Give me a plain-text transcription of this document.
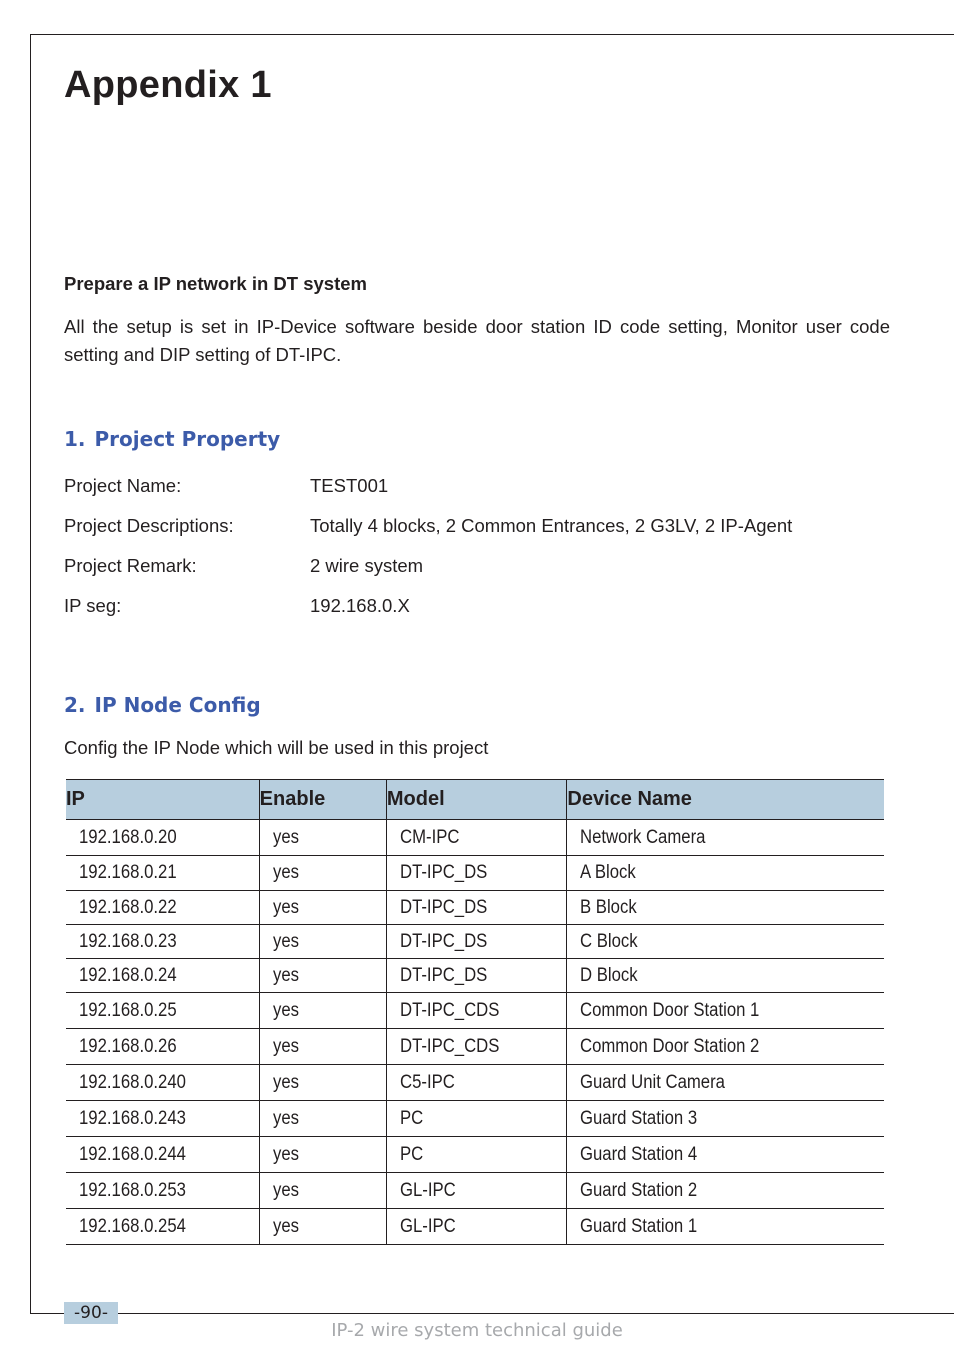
Appendix 1

Prepare a IP network in DT system

All the setup is set in IP-Device software beside door station ID code setting, Monitor user code setting and DIP setting of DT-IPC.

1. Project Property
Project Name:	TEST001
Project Descriptions:	Totally 4 blocks, 2 Common Entrances, 2 G3LV, 2 IP-Agent
Project Remark:	2 wire system
IP seg:	192.168.0.X
2. IP Node Config

Config the IP Node which will be used in this project

IP	Enable	Model	Device Name
192.168.0.20	yes	CM-IPC	Network Camera
192.168.0.21	yes	DT-IPC_DS	A Block
192.168.0.22	yes	DT-IPC_DS	B Block
192.168.0.23	yes	DT-IPC_DS	C Block
192.168.0.24	yes	DT-IPC_DS	D Block
192.168.0.25	yes	DT-IPC_CDS	Common Door Station 1
192.168.0.26	yes	DT-IPC_CDS	Common Door Station 2
192.168.0.240	yes	C5-IPC	Guard Unit Camera
192.168.0.243	yes	PC	Guard Station 3
192.168.0.244	yes	PC	Guard Station 4
192.168.0.253	yes	GL-IPC	Guard Station 2
192.168.0.254	yes	GL-IPC	Guard Station 1
-90-
IP-2 wire system technical guide
